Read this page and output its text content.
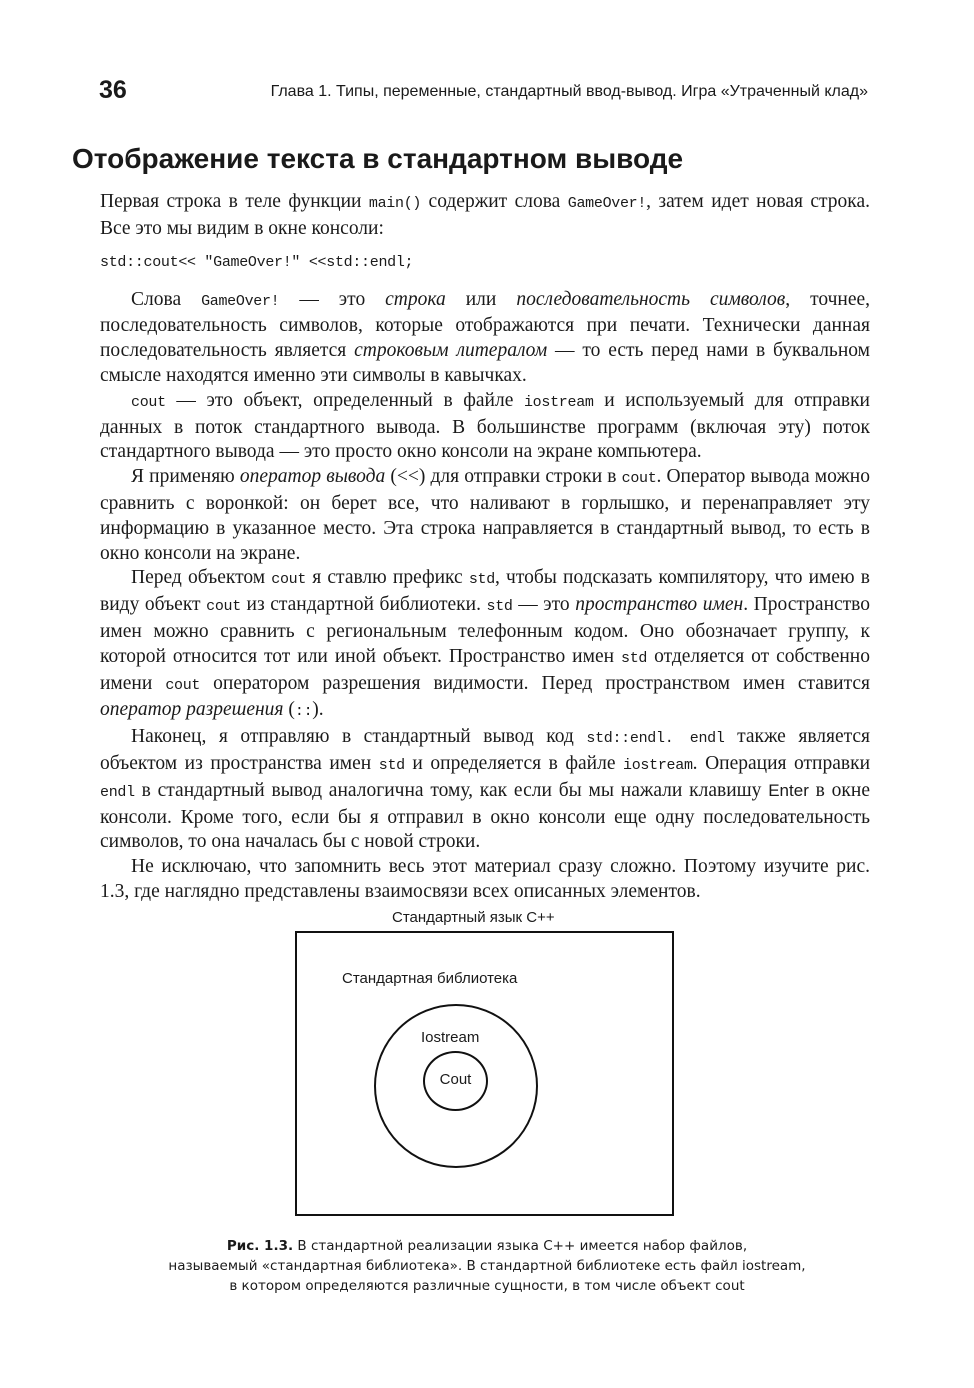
36	Глава 1. Типы, переменные, стандартный ввод-вывод. Игра «Утраченный клад»
Отображение текста в стандартном выводе

Первая строка в теле функции main() содержит слова GameOver!, затем идет новая строка. Все это мы видим в окне консоли:

std::cout<< "GameOver!" <<std::endl;

Слова GameOver! — это строка или последовательность символов, точнее, последовательность символов, которые отображаются при печати. Технически данная последовательность является строковым литералом — то есть перед нами в буквальном смысле находятся именно эти символы в кавычках.

cout — это объект, определенный в файле iostream и используемый для отправки данных в поток стандартного вывода. В большинстве программ (включая эту) поток стандартного вывода — это просто окно консоли на экране компьютера.

Я применяю оператор вывода (<<) для отправки строки в cout. Оператор вывода можно сравнить с воронкой: он берет все, что наливают в горлышко, и перенаправляет эту информацию в указанное место. Эта строка направляется в стандартный вывод, то есть в окно консоли на экране.

Перед объектом cout я ставлю префикс std, чтобы подсказать компилятору, что имею в виду объект cout из стандартной библиотеки. std — это пространство имен. Пространство имен можно сравнить с региональным телефонным кодом. Оно обозначает группу, к которой относится тот или иной объект. Пространство имен std отделяется от собственно имени cout оператором разрешения видимости. Перед пространством имен ставится оператор разрешения (::).

Наконец, я отправляю в стандартный вывод код std::endl. endl также является объектом из пространства имен std и определяется в файле iostream. Операция отправки endl в стандартный вывод аналогична тому, как если бы мы нажали клавишу Enter в окне консоли. Кроме того, если бы я отправил в окно консоли еще одну последовательность символов, то она началась бы с новой строки.

Не исключаю, что запомнить весь этот материал сразу сложно. Поэтому изучите рис. 1.3, где наглядно представлены взаимосвязи всех описанных элементов.

Стандартный язык С++
Стандартная библиотека
Iostream
Cout
Рис. 1.3. В стандартной реализации языка С++ имеется набор файлов,
называемый «стандартная библиотека». В стандартной библиотеке есть файл iostream,
в котором определяются различные сущности, в том числе объект cout
